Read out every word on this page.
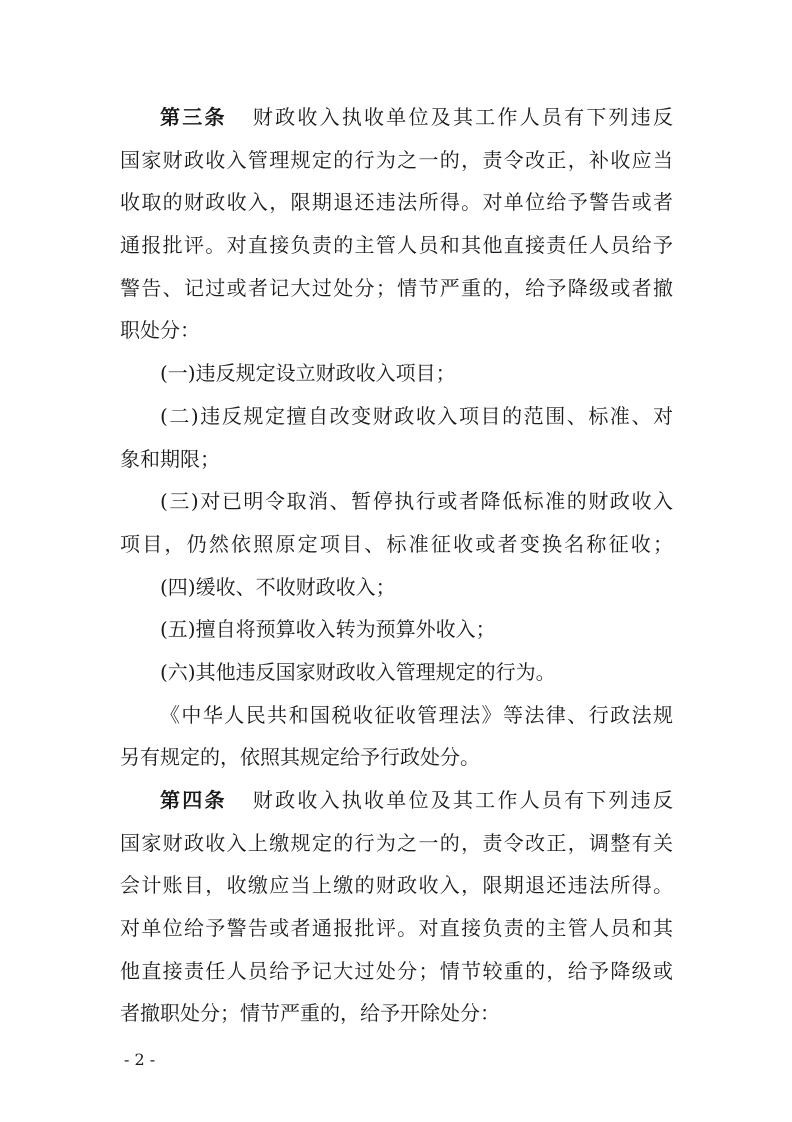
第三条 财政收入执收单位及其工作人员有下列违反
国家财政收入管理规定的行为之一的，责令改正，补收应当
收取的财政收入，限期退还违法所得。对单位给予警告或者
通报批评。对直接负责的主管人员和其他直接责任人员给予
警告、记过或者记大过处分；情节严重的，给予降级或者撤
职处分：
(一)违反规定设立财政收入项目；
(二)违反规定擅自改变财政收入项目的范围、标准、对
象和期限；
(三)对已明令取消、暂停执行或者降低标准的财政收入
项目，仍然依照原定项目、标准征收或者变换名称征收；
(四)缓收、不收财政收入；
(五)擅自将预算收入转为预算外收入；
(六)其他违反国家财政收入管理规定的行为。
《中华人民共和国税收征收管理法》等法律、行政法规
另有规定的，依照其规定给予行政处分。
第四条 财政收入执收单位及其工作人员有下列违反
国家财政收入上缴规定的行为之一的，责令改正，调整有关
会计账目，收缴应当上缴的财政收入，限期退还违法所得。
对单位给予警告或者通报批评。对直接负责的主管人员和其
他直接责任人员给予记大过处分；情节较重的，给予降级或
者撤职处分；情节严重的，给予开除处分：
- 2 -
